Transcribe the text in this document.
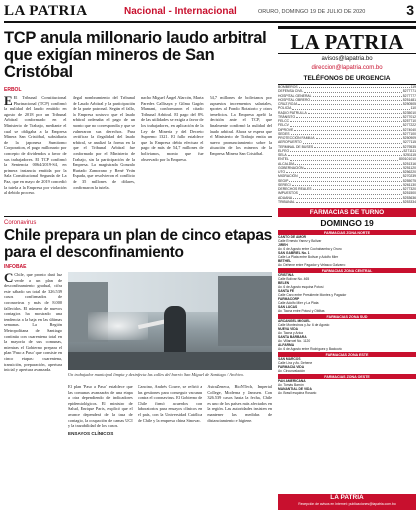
LA PATRIA	Nacional - Internacional	ORURO, DOMINGO 19 DE JULIO DE 2020	3
TCP anula millonario laudo arbitral que exigían mineros de San Cristóbal
ERBOL
E El Tribunal Constitucional Plurinacional (TCP) confirmó la nulidad del laudo emitido en agosto de 2018 por un Tribunal Arbitral conformado en el Ministerio de Trabajo, mediante el cual se obligaba a la Empresa Minera San Cristóbal, subsidiaria de la japonesa Sumitomo Corporation, el pago millonario por concepto de dividendos a favor de sus trabajadores. El TCP confirmó la Sentencia 0064/2019-S4, en primera instancia emitida por la Sala Constitucional Segunda de La Paz, que en mayo de 2019 concedió la tutela a la Empresa por violación al debido proceso.
ilegal nombramiento del Tribunal de Laudo Arbitral y la participación de la parte patronal. Según el fallo, la Empresa sostuvo que el laudo arbitral ordenaba el pago de un monto que no correspondía y que se vulneraron sus derechos. Para certificar la ilegalidad del laudo arbitral, se analizó la forma en la que el Tribunal Arbitral fue conformado por el Ministerio de Trabajo, sin la participación de la Empresa. La magistrada Gonzalo Hurtado Zamorano y René Yván Espada, que resolvieron el conflicto de 35 millones de dólares, confirmaron la tutela.
nacho Miguel Ángel Alarcón, Marta Paredes Callisaya y Gilma Gagón Mamani, conformaron el citado Tribunal Arbitral. El pago del 8% de las utilidades se exigía a favor de los trabajadores, en aplicación de la Ley de Minería y del Decreto Supremo 1321. El fallo establece que la Empresa debía efectuar el pago de más de 54,7 millones de bolivianos, monto que fue observado por la Empresa.
54,7 millones de bolivianos por supuestos incrementos salariales, aportes al Fondo Rotatorio y otros beneficios. La Empresa apeló la decisión ante el TCP, que finalmente confirmó la nulidad del laudo arbitral. Ahora se espera que el Ministerio de Trabajo emita un nuevo pronunciamiento sobre la situación de los mineros de la Empresa Minera San Cristóbal.
Coronavirus
Chile prepara un plan de cinco etapas para el desconfinamiento
INFOBAE
C Chile, que pronto dará luz verde a un plan de desconfinamiento gradual, cifra este sábado un total de 326.539 casos confirmados de coronavirus y más de 8.000 fallecidos. El número de nuevos contagios ha mostrado una tendencia a la baja en las últimas semanas. La Región Metropolitana de Santiago continúa con cuarentena total en la mayoría de sus comunas, mientras el Gobierno prepara el plan 'Paso a Paso' que consiste en cinco etapas: cuarentena, transición, preparación, apertura inicial y apertura avanzada.
Un trabajador municipal limpia y desinfecta las calles del barrio San Miguel de Santiago / Archivo.
El plan 'Paso a Paso' establece que las comunas avanzarán de una etapa a otra dependiendo de indicadores epidemiológicos. El ministro de Salud, Enrique Paris, explicó que el avance dependerá de la tasa de contagio, la ocupación de camas UCI y la trazabilidad de los casos.
ENSAYOS CLÍNICOS
Cancino, Andrés Couve, se refirió a las gestiones para conseguir vacunas contra el coronavirus. El Gobierno de Chile firmó acuerdos con laboratorios para ensayos clínicos en el país, con la Universidad Católica de Chile y la empresa china Sinovac.
AstraZeneca, BioNTech, Imperial College, Moderna y Janssen. Con 326.539 casos hasta la fecha, Chile es uno de los países más afectados en la región. Las autoridades insisten en mantener las medidas de distanciamiento e higiene.
LA PATRIA
avisos@lapatria.bo
direccion@lapatria.com.bo
TELÉFONOS DE URGENCIA
BOMBEROS	119
DEFENSA CIVIL	5277771
HOSPITAL GENERAL	5277777
HOSPITAL OBRERO	5251481
CRUZ ROJA	5250505
POLICÍA	110
RADIO PATRULLA	5235010
TRÁNSITO	5277012
FELCC	5257710
FELCV	5277222
DIPROVE	5274040
SEDES	5277100
PROTECCIÓN FAMILIA	5250909
AEROPUERTO	5277115
TERMINAL DE BUSES	5279535
ELFEO	5271111
SELA	5251115
ENTEL	800101010
ALCALDÍA	5251316
GOBERNACIÓN	5251120
UTO	5256220
MIGRACIÓN	5270239
SEGIP	5255075
SERECI	5261130
DERECHOS REALES	5277320
IMPUESTOS	5251500
ADUANA	5253636
TRIBUNAL	5253334
FARMACIAS DE TURNO
DOMINGO 19
FARMACIAS ZONA NORTE
CANTO DE AMOR
Calle Ernesto Yanez y Bolivar
JIREH
Av. 6 de Agosto entre Cochabamba y Oruro
SAN GABRIEL No. 1
Calle La Plata entre Bolívar y Adolfo Mier
BETHEL
Av. Dehene entre Pagador y Velasco Galvarro
FARMACIAS ZONA CENTRAL
CRISTINA
Calle Bolívar No. 465
BELEN
Av. 6 de Agosto esquina Potosí
SANTA FE
Calle Caro entre Presidente Montes y Pagador
FARMACORP
Calle Adolfo Mier y La Plata
SAN LUCAS
Av. Tacna entre Potosí y Oblitas
FARMACIAS ZONA SUD
ARCANGEL MIGUEL
Calle Montecinos y Av. 6 de Agosto
NUEVA VIDA
Av. Tacna y Arica
SANTA BARBARA
Av. Villarroel No. 1120
ALFARMA
Av. 6 de Agosto entre Rodríguez y Backovic
FARMACIAS ZONA ESTE
SAN MARCOS
Calle Lira y Av. Dehene
FARMACIA VIDA
Av. Circunvalación
FARMACIAS ZONA OESTE
PAN AMERICANA
Av. Tomás Barrón
MANANTIAL DE VIDA
Av. Brasil esquina Rosario
LA PATRIA
Recepción de avisos en Internet: publicaciones@lapatria.com.bo
